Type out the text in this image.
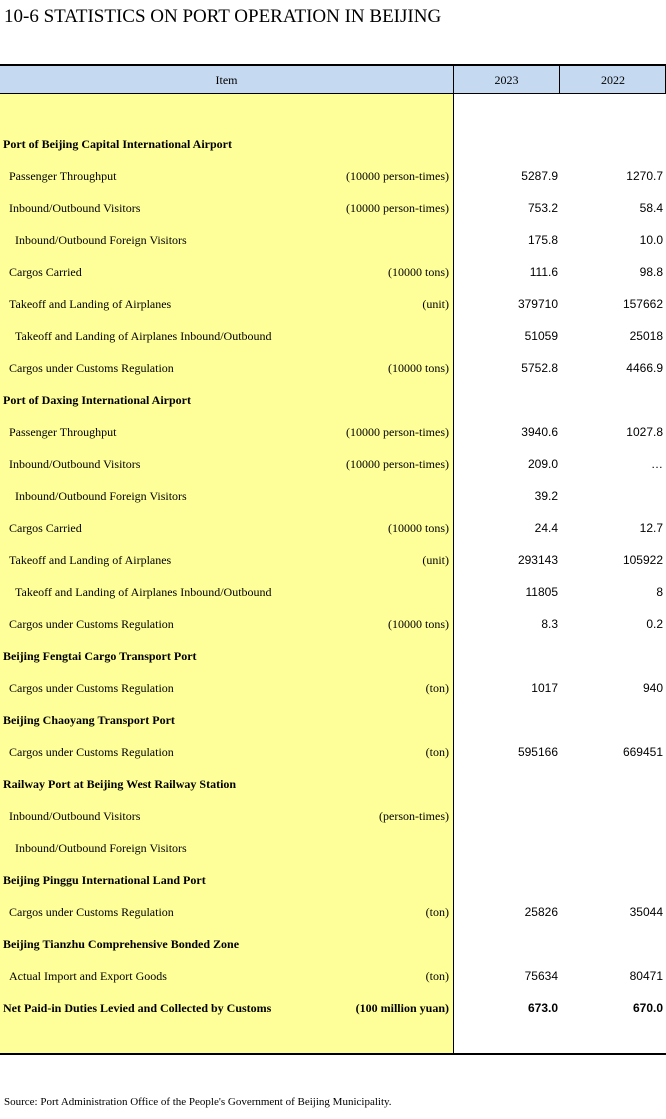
10-6 STATISTICS ON PORT OPERATION IN BEIJING
Item	2023	2022
Port of Beijing Capital International Airport
Passenger Throughput	(10000 person-times)	5287.9	1270.7
Inbound/Outbound Visitors	(10000 person-times)	753.2	58.4
Inbound/Outbound Foreign Visitors	175.8	10.0
Cargos Carried	(10000 tons)	111.6	98.8
Takeoff and Landing of Airplanes	(unit)	379710	157662
Takeoff and Landing of Airplanes Inbound/Outbound	51059	25018
Cargos under Customs Regulation	(10000 tons)	5752.8	4466.9
Port of Daxing International Airport
Passenger Throughput	(10000 person-times)	3940.6	1027.8
Inbound/Outbound Visitors	(10000 person-times)	209.0	…
Inbound/Outbound Foreign Visitors	39.2
Cargos Carried	(10000 tons)	24.4	12.7
Takeoff and Landing of Airplanes	(unit)	293143	105922
Takeoff and Landing of Airplanes Inbound/Outbound	11805	8
Cargos under Customs Regulation	(10000 tons)	8.3	0.2
Beijing Fengtai Cargo Transport Port
Cargos under Customs Regulation	(ton)	1017	940
Beijing Chaoyang Transport Port
Cargos under Customs Regulation	(ton)	595166	669451
Railway Port at Beijing West Railway Station
Inbound/Outbound Visitors	(person-times)
Inbound/Outbound Foreign Visitors
Beijing Pinggu International Land Port
Cargos under Customs Regulation	(ton)	25826	35044
Beijing Tianzhu Comprehensive Bonded Zone
Actual Import and Export Goods	(ton)	75634	80471
Net Paid-in Duties Levied and Collected by Customs	(100 million yuan)	673.0	670.0
Source: Port Administration Office of the People's Government of Beijing Municipality.
